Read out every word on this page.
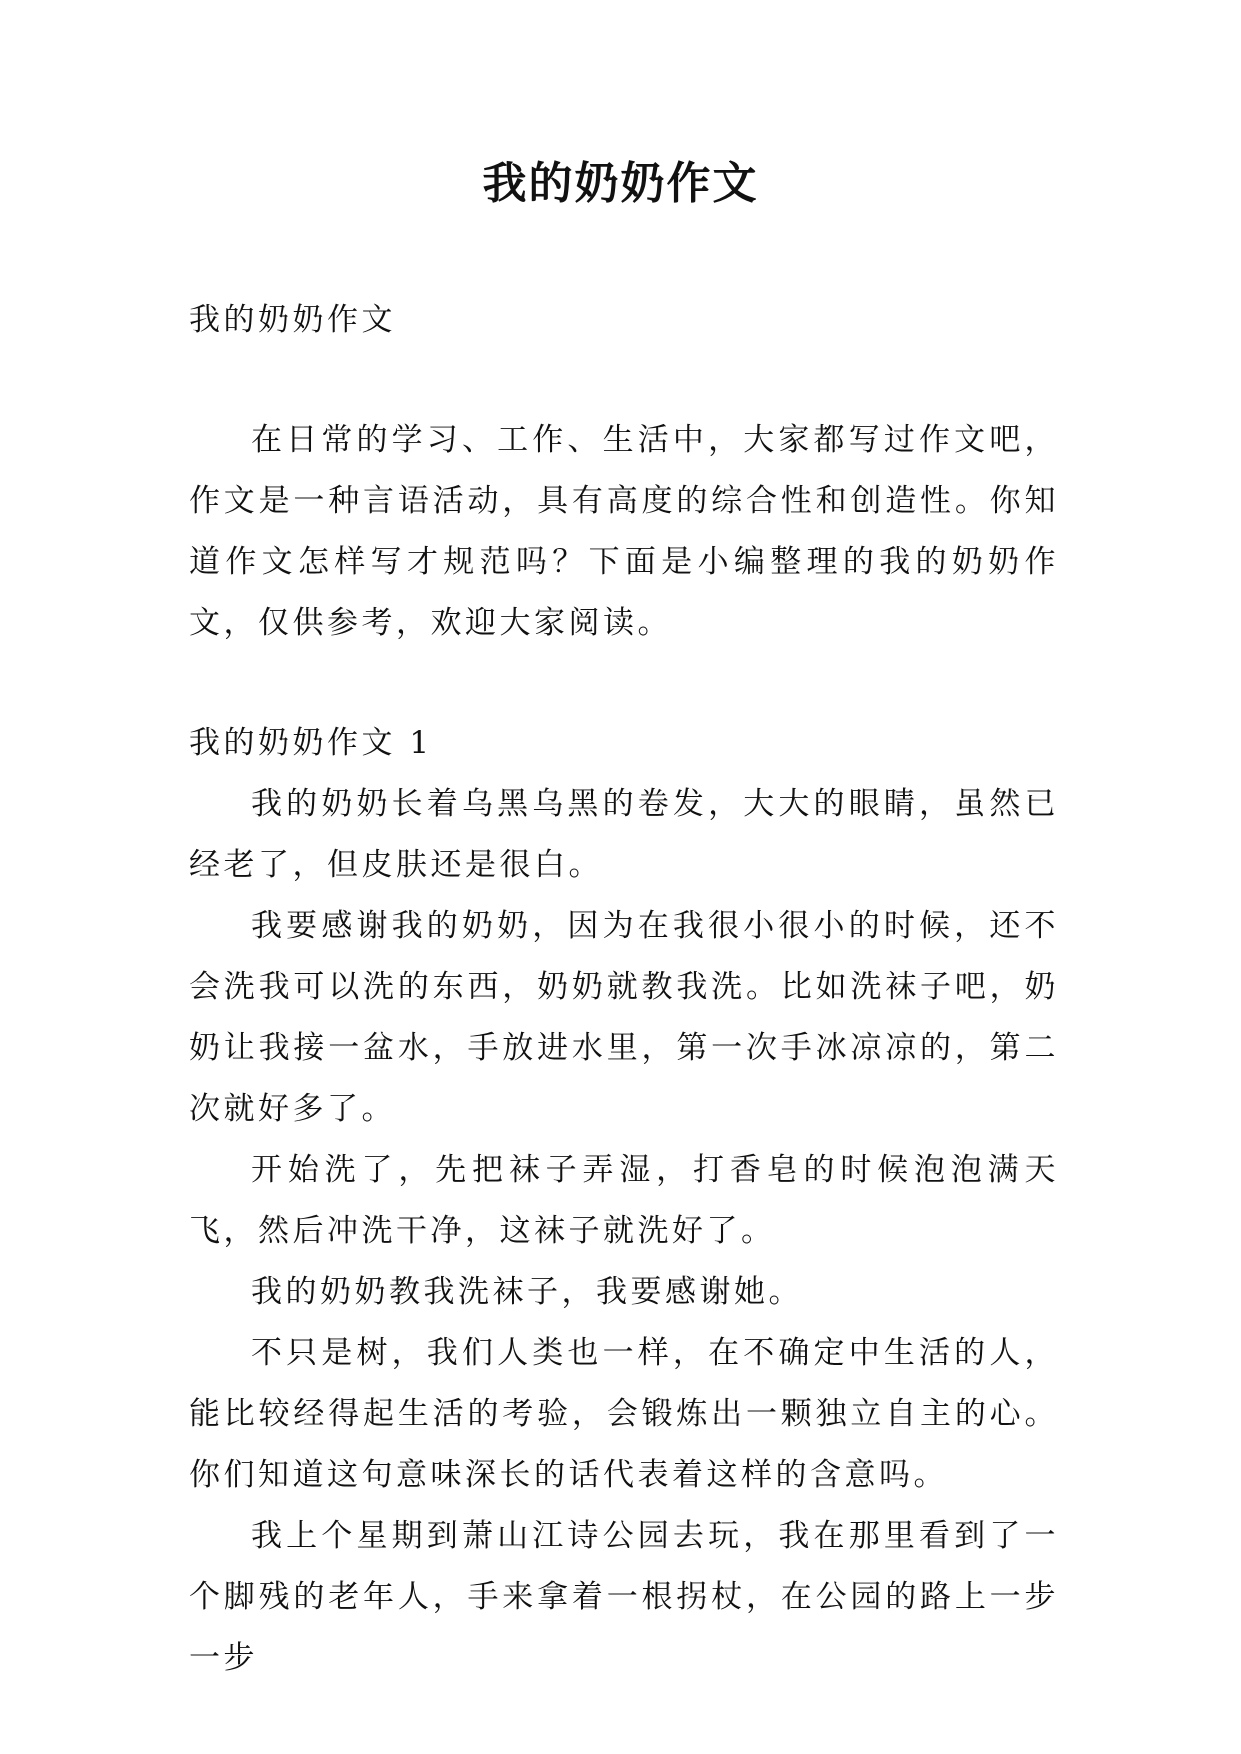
我的奶奶作文

我的奶奶作文

在日常的学习、工作、生活中，大家都写过作文吧，作文是一种言语活动，具有高度的综合性和创造性。你知道作文怎样写才规范吗？下面是小编整理的我的奶奶作文，仅供参考，欢迎大家阅读。

我的奶奶作文 1

我的奶奶长着乌黑乌黑的卷发，大大的眼睛，虽然已经老了，但皮肤还是很白。

我要感谢我的奶奶，因为在我很小很小的时候，还不会洗我可以洗的东西，奶奶就教我洗。比如洗袜子吧，奶奶让我接一盆水，手放进水里，第一次手冰凉凉的，第二次就好多了。

开始洗了，先把袜子弄湿，打香皂的时候泡泡满天飞，然后冲洗干净，这袜子就洗好了。

我的奶奶教我洗袜子，我要感谢她。

不只是树，我们人类也一样，在不确定中生活的人，能比较经得起生活的考验，会锻炼出一颗独立自主的心。你们知道这句意味深长的话代表着这样的含意吗。

我上个星期到萧山江诗公园去玩，我在那里看到了一个脚残的老年人，手来拿着一根拐杖，在公园的路上一步一步
